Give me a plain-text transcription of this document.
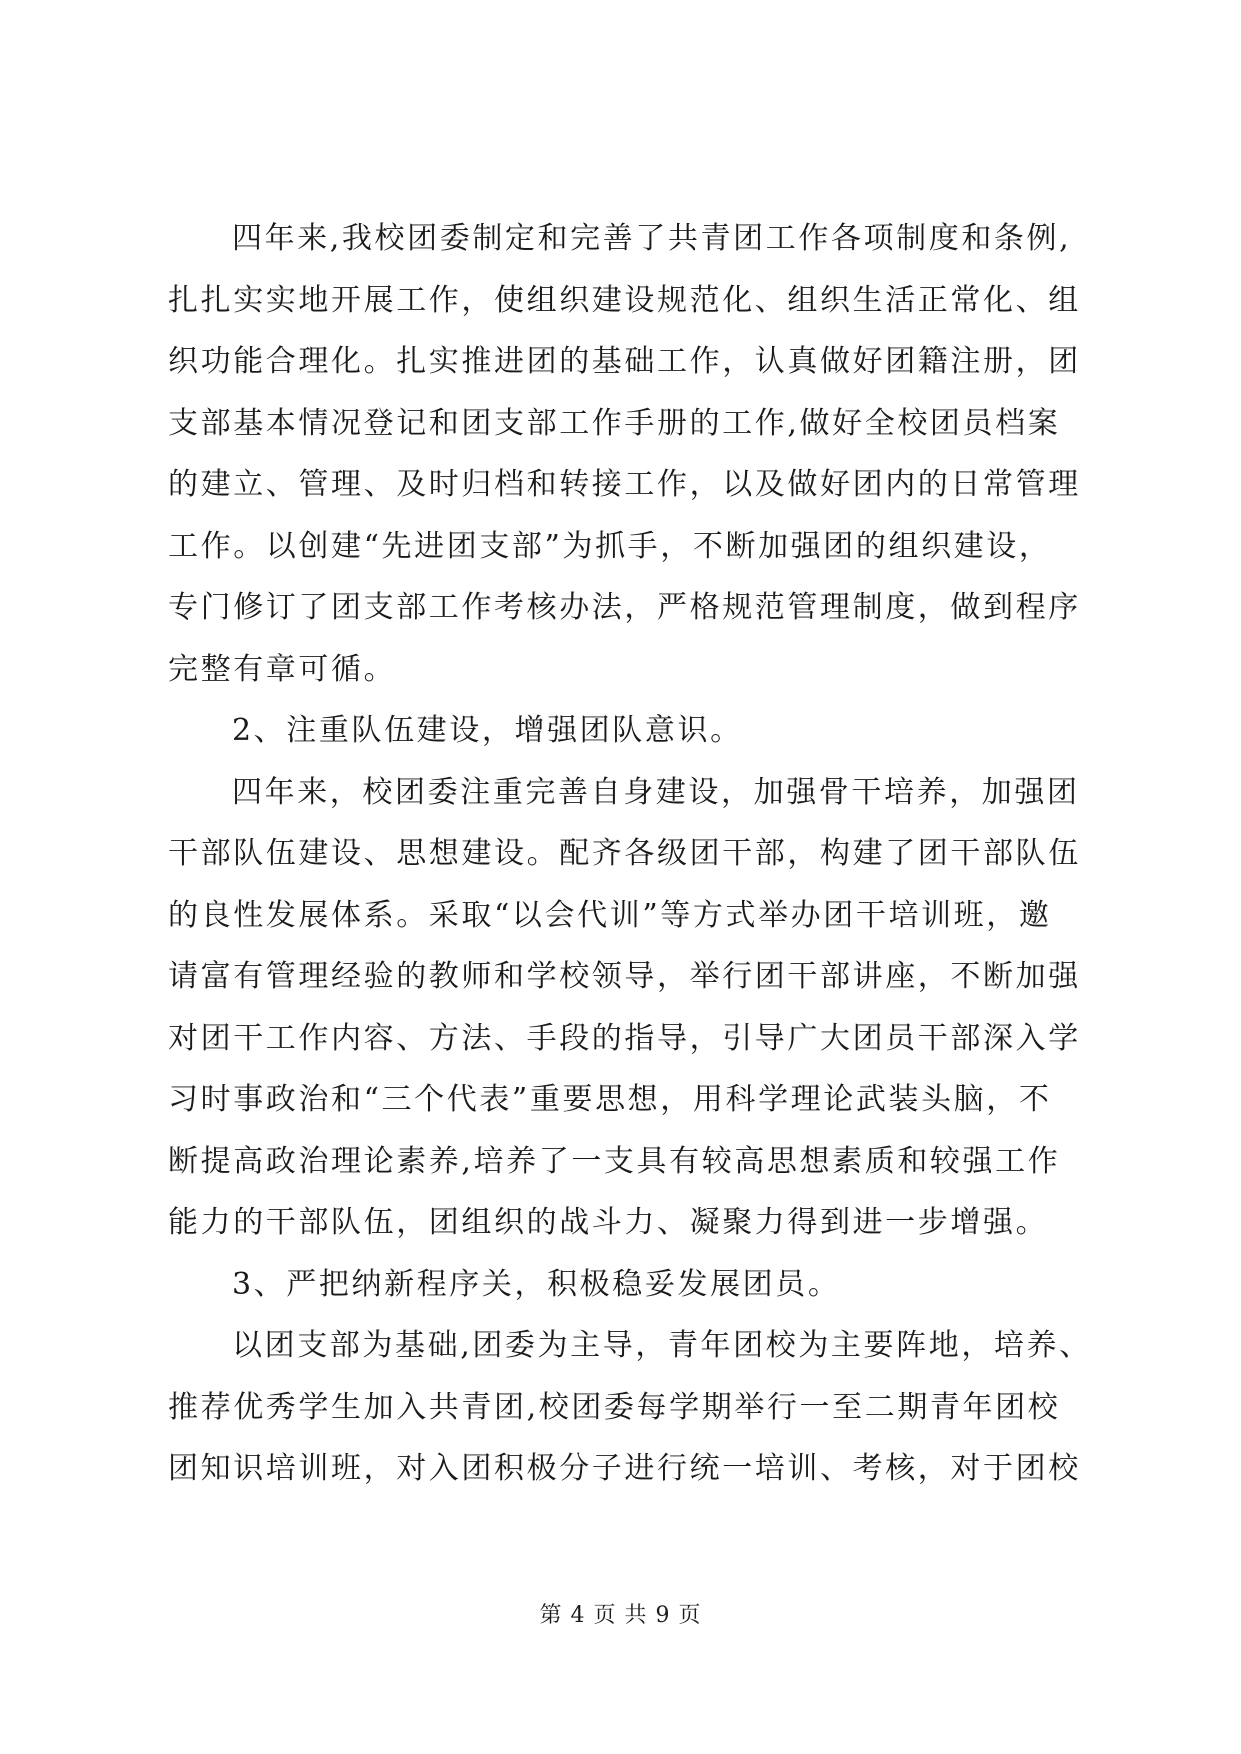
四年来,我校团委制定和完善了共青团工作各项制度和条例,
扎扎实实地开展工作，使组织建设规范化、组织生活正常化、组
织功能合理化。扎实推进团的基础工作，认真做好团籍注册，团
支部基本情况登记和团支部工作手册的工作,做好全校团员档案
的建立、管理、及时归档和转接工作，以及做好团内的日常管理
工作。以创建“先进团支部”为抓手，不断加强团的组织建设，
专门修订了团支部工作考核办法，严格规范管理制度，做到程序
完整有章可循。
2、注重队伍建设，增强团队意识。
四年来，校团委注重完善自身建设，加强骨干培养，加强团
干部队伍建设、思想建设。配齐各级团干部，构建了团干部队伍
的良性发展体系。采取“以会代训”等方式举办团干培训班，邀
请富有管理经验的教师和学校领导，举行团干部讲座，不断加强
对团干工作内容、方法、手段的指导，引导广大团员干部深入学
习时事政治和“三个代表”重要思想，用科学理论武装头脑，不
断提高政治理论素养,培养了一支具有较高思想素质和较强工作
能力的干部队伍，团组织的战斗力、凝聚力得到进一步增强。
3、严把纳新程序关，积极稳妥发展团员。
以团支部为基础,团委为主导，青年团校为主要阵地，培养、
推荐优秀学生加入共青团,校团委每学期举行一至二期青年团校
团知识培训班，对入团积极分子进行统一培训、考核，对于团校
第 4 页 共 9 页
